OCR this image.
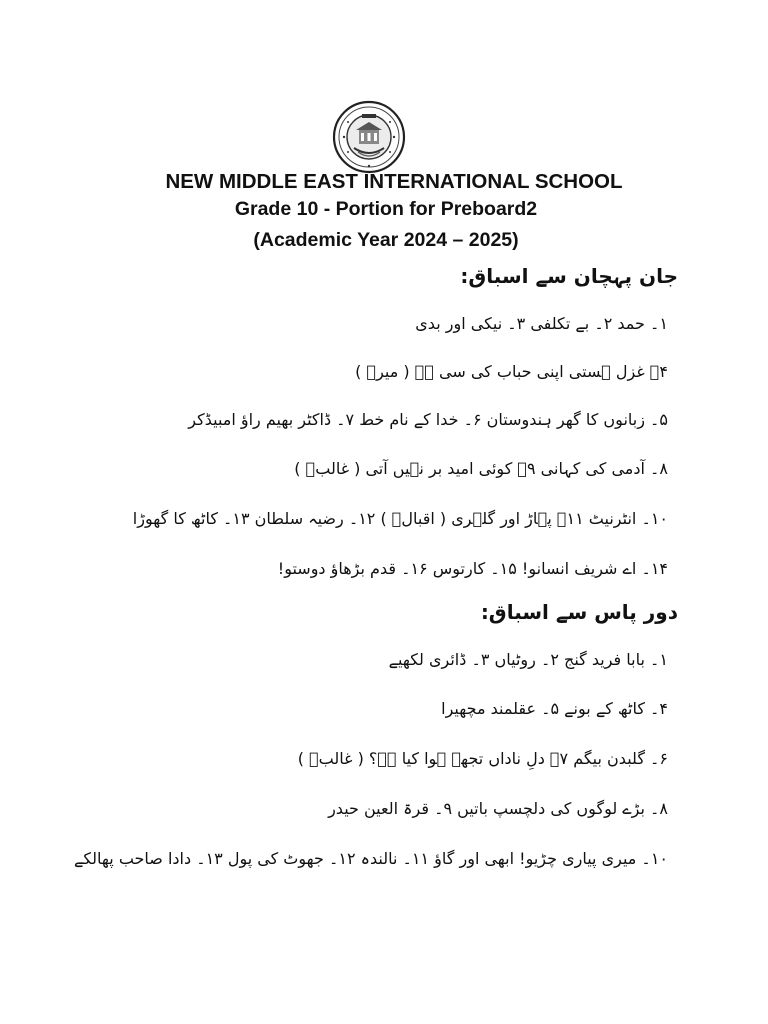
NEW MIDDLE EAST INTERNATIONAL SCHOOL
Grade 10 - Portion for Preboard2
(Academic Year 2024 – 2025)
جان پہچان سے اسباق:
۱۔ حمد ۲۔ بے تکلفی ۳۔ نیکی اور بدی
۴۔ غزل ہستی اپنی حباب کی سی ہے ( میرؔ )
۵۔ زبانوں کا گھر ہندوستان ۶۔ خدا کے نام خط ۷۔ ڈاکٹر بھیم راؤ امبیڈکر
۸۔ آدمی کی کہانی ۹۔ کوئی امید بر نہیں آتی ( غالبؔ )
۱۰۔ انٹرنیٹ ۱۱۔ پہاڑ اور گلہری ( اقبالؔ ) ۱۲۔ رضیہ سلطان ۱۳۔ کاٹھ کا گھوڑا
۱۴۔ اے شریف انسانو! ۱۵۔ کارتوس ۱۶۔ قدم بڑھاؤ دوستو!
دور پاس سے اسباق:
۱۔ بابا فرید گنج ۲۔ روٹیاں ۳۔ ڈائری لکھیے
۴۔ کاٹھ کے بونے ۵۔ عقلمند مچھیرا
۶۔ گلبدن بیگم ۷۔ دلِ ناداں تجھے ہوا کیا ہے؟ ( غالبؔ )
۸۔ بڑے لوگوں کی دلچسپ باتیں ۹۔ قرۃ العین حیدر
۱۰۔ میری پیاری چڑیو! ابھی اور گاؤ ۱۱۔ نالندہ ۱۲۔ جھوٹ کی پول ۱۳۔ دادا صاحب پھالکے
